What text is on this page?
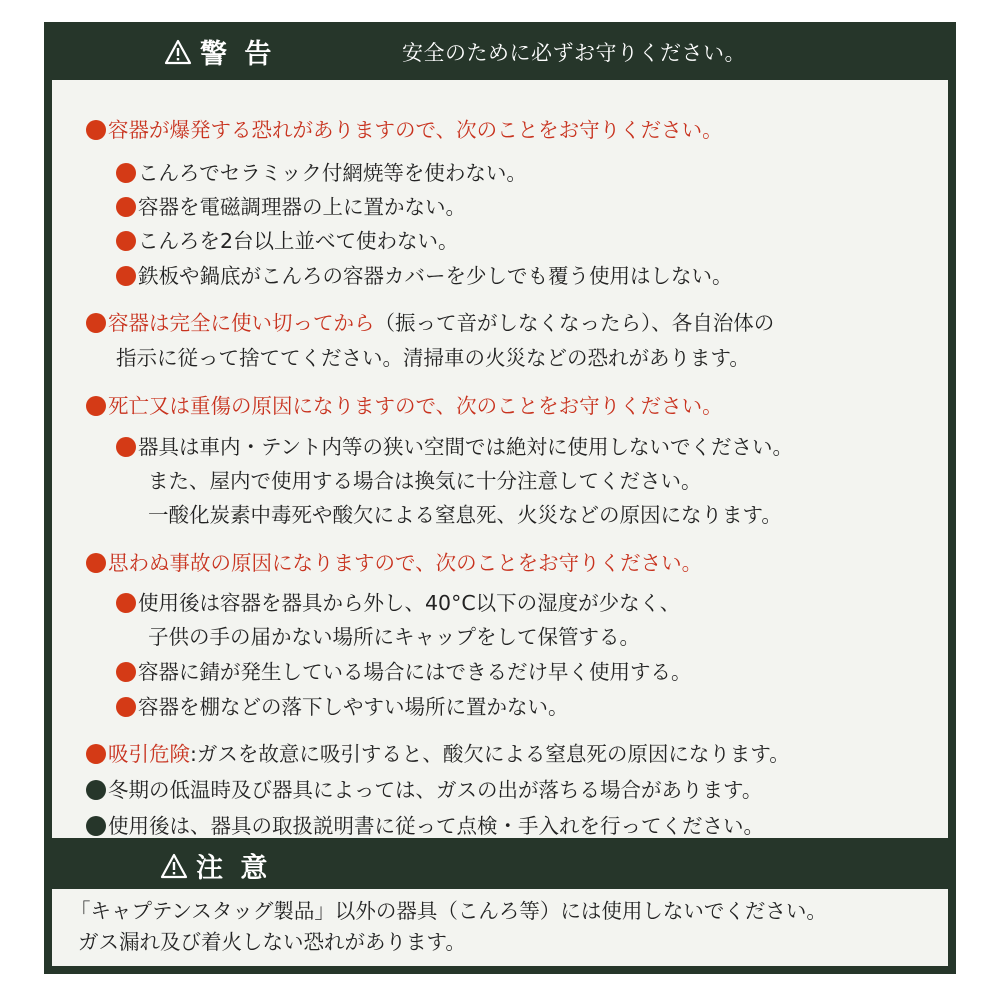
警 告	安全のために必ずお守りください。
容器が爆発する恐れがありますので、次のことをお守りください。
こんろでセラミック付網焼等を使わない。
容器を電磁調理器の上に置かない。
こんろを2台以上並べて使わない。
鉄板や鍋底がこんろの容器カバーを少しでも覆う使用はしない。
容器は完全に使い切ってから（振って音がしなくなったら）、各自治体の
指示に従って捨ててください。清掃車の火災などの恐れがあります。
死亡又は重傷の原因になりますので、次のことをお守りください。
器具は車内・テント内等の狭い空間では絶対に使用しないでください。
また、屋内で使用する場合は換気に十分注意してください。
一酸化炭素中毒死や酸欠による窒息死、火災などの原因になります。
思わぬ事故の原因になりますので、次のことをお守りください。
使用後は容器を器具から外し、40°C以下の湿度が少なく、
子供の手の届かない場所にキャップをして保管する。
容器に錆が発生している場合にはできるだけ早く使用する。
容器を棚などの落下しやすい場所に置かない。
吸引危険:ガスを故意に吸引すると、酸欠による窒息死の原因になります。
冬期の低温時及び器具によっては、ガスの出が落ちる場合があります。
使用後は、器具の取扱説明書に従って点検・手入れを行ってください。
注 意
「キャプテンスタッグ製品」以外の器具（こんろ等）には使用しないでください。
ガス漏れ及び着火しない恐れがあります。
